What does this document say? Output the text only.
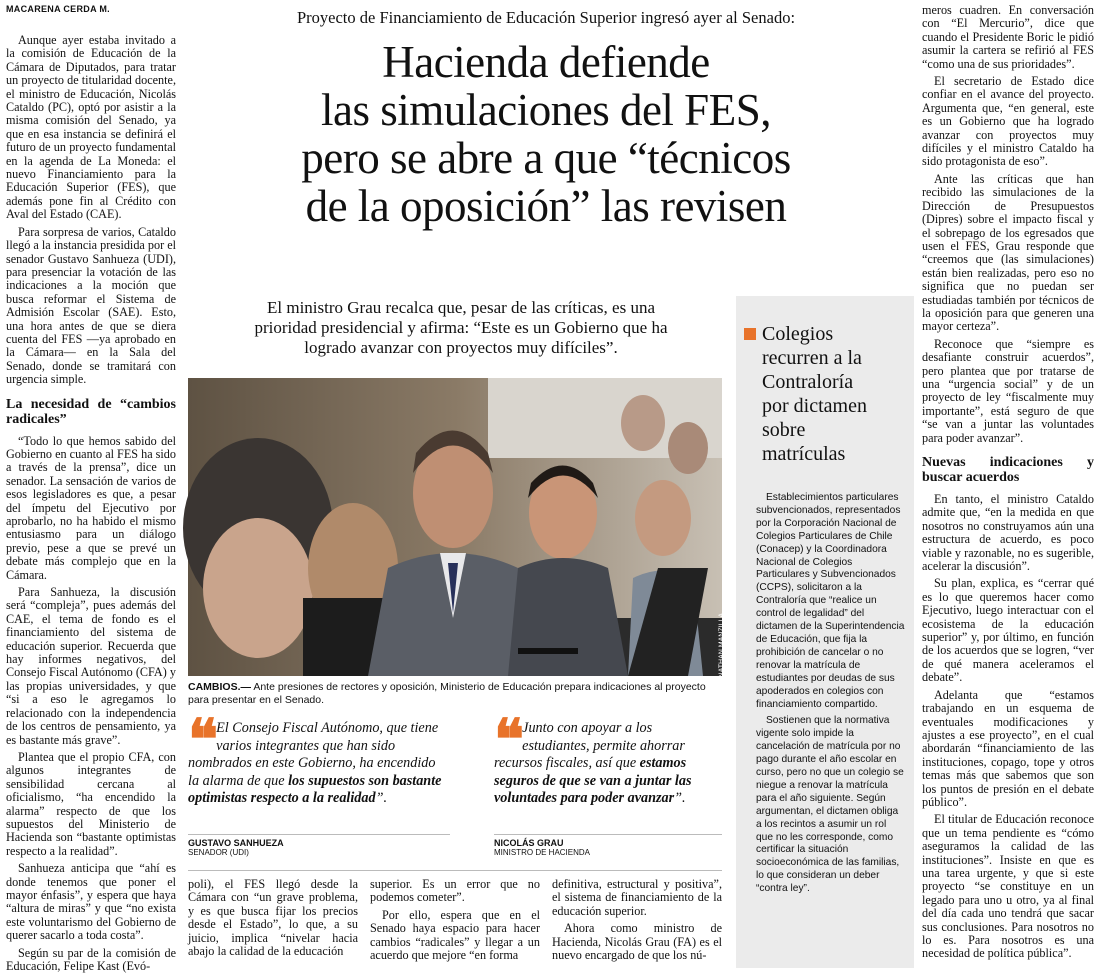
MACARENA CERDA M.

Aunque ayer estaba invitado a la comisión de Educación de la Cámara de Diputados, para tratar un proyecto de titularidad docente, el ministro de Educación, Nicolás Cataldo (PC), optó por asistir a la misma comisión del Senado, ya que en esa instancia se definirá el futuro de un proyecto fundamental en la agenda de La Moneda: el nuevo Financiamiento para la Educación Superior (FES), que además pone fin al Crédito con Aval del Estado (CAE).

Para sorpresa de varios, Cataldo llegó a la instancia presidida por el senador Gustavo Sanhueza (UDI), para presenciar la votación de las indicaciones a la moción que busca reformar el Sistema de Admisión Escolar (SAE). Esto, una hora antes de que se diera cuenta del FES —ya aprobado en la Cámara— en la Sala del Senado, donde se tramitará con urgencia simple.

La necesidad de “cambios radicales”

“Todo lo que hemos sabido del Gobierno en cuanto al FES ha sido a través de la prensa”, dice un senador. La sensación de varios de esos legisladores es que, a pesar del ímpetu del Ejecutivo por aprobarlo, no ha habido el mismo entusiasmo para un diálogo previo, pese a que se prevé un debate más complejo que en la Cámara.

Para Sanhueza, la discusión será “compleja”, pues además del CAE, el tema de fondo es el financiamiento del sistema de educación superior. Recuerda que hay informes negativos, del Consejo Fiscal Autónomo (CFA) y las propias universidades, y que “si a eso le agregamos lo relacionado con la independencia de los centros de pensamiento, ya es bastante más grave”.

Plantea que el propio CFA, con algunos integrantes de sensibilidad cercana al oficialismo, “ha encendido la alarma” respecto de que los supuestos del Ministerio de Hacienda son “bastante optimistas respecto a la realidad”.

Sanhueza anticipa que “ahí es donde tenemos que poner el mayor énfasis”, y espera que haya “altura de miras” y que “no exista este voluntarismo del Gobierno de querer sacarlo a toda costa”.

Según su par de la comisión de Educación, Felipe Kast (Evó-

Proyecto de Financiamiento de Educación Superior ingresó ayer al Senado:
Hacienda defiende
las simulaciones del FES,
pero se abre a que “técnicos
de la oposición” las revisen
El ministro Grau recalca que, pesar de las críticas, es una
prioridad presidencial y afirma: “Este es un Gobierno que ha
logrado avanzar con proyectos muy difíciles”.
JONATHAN MANZILLA
CAMBIOS.— Ante presiones de rectores y oposición, Ministerio de Educación prepara indicaciones al proyecto para presentar en el Senado.
❝ El Consejo Fiscal Autónomo, que tiene varios integrantes que han sido nombrados en este Gobierno, ha encendido la alarma de que los supuestos son bastante optimistas respecto a la realidad”.
GUSTAVO SANHUEZA
SENADOR (UDI)
❝ Junto con apoyar a los estudiantes, permite ahorrar recursos fiscales, así que estamos seguros de que se van a juntar las voluntades para poder avanzar”.
NICOLÁS GRAU
MINISTRO DE HACIENDA

poli), el FES llegó desde la Cámara con “un grave problema, y es que busca fijar los precios desde el Estado”, lo que, a su juicio, implica “nivelar hacia abajo la calidad de la educación

superior. Es un error que no podemos cometer”.

Por ello, espera que en el Senado haya espacio para hacer cambios “radicales” y llegar a un acuerdo que mejore “en forma

definitiva, estructural y positiva”, el sistema de financiamiento de la educación superior.

Ahora como ministro de Hacienda, Nicolás Grau (FA) es el nuevo encargado de que los nú-

Colegios
recurren a la
Contraloría
por dictamen
sobre
matrículas

Establecimientos particulares subvencionados, representados por la Corporación Nacional de Colegios Particulares de Chile (Conacep) y la Coordinadora Nacional de Colegios Particulares y Subvencionados (CCPS), solicitaron a la Contraloría que “realice un control de legalidad” del dictamen de la Superintendencia de Educación, que fija la prohibición de cancelar o no renovar la matrícula de estudiantes por deudas de sus apoderados en colegios con financiamiento compartido.

Sostienen que la normativa vigente solo impide la cancelación de matrícula por no pago durante el año escolar en curso, pero no que un colegio se niegue a renovar la matrícula para el año siguiente. Según argumentan, el dictamen obliga a los recintos a asumir un rol que no les corresponde, como certificar la situación socioeconómica de las familias, lo que consideran un deber “contra ley”.

meros cuadren. En conversación con “El Mercurio”, dice que cuando el Presidente Boric le pidió asumir la cartera se refirió al FES “como una de sus prioridades”.

El secretario de Estado dice confiar en el avance del proyecto. Argumenta que, “en general, este es un Gobierno que ha logrado avanzar con proyectos muy difíciles y el ministro Cataldo ha sido protagonista de eso”.

Ante las críticas que han recibido las simulaciones de la Dirección de Presupuestos (Dipres) sobre el impacto fiscal y el sobrepago de los egresados que usen el FES, Grau responde que “creemos que (las simulaciones) están bien realizadas, pero eso no significa que no puedan ser estudiadas también por técnicos de la oposición para que generen una mayor certeza”.

Reconoce que “siempre es desafiante construir acuerdos”, pero plantea que por tratarse de una “urgencia social” y de un proyecto de ley “fiscalmente muy importante”, está seguro de que “se van a juntar las voluntades para poder avanzar”.

Nuevas indicaciones y buscar acuerdos

En tanto, el ministro Cataldo admite que, “en la medida en que nosotros no construyamos aún una estructura de acuerdo, es poco viable y razonable, no es sugerible, acelerar la discusión”.

Su plan, explica, es “cerrar qué es lo que queremos hacer como Ejecutivo, luego interactuar con el ecosistema de la educación superior” y, por último, en función de los acuerdos que se logren, “ver de qué manera aceleramos el debate”.

Adelanta que “estamos trabajando en un esquema de eventuales modificaciones y ajustes a ese proyecto”, en el cual abordarán “financiamiento de las instituciones, copago, tope y otros temas más que sabemos que son los puntos de presión en el debate público”.

El titular de Educación reconoce que un tema pendiente es “cómo aseguramos la calidad de las instituciones”. Insiste en que es una tarea urgente, y que si este proyecto “se constituye en un legado para uno u otro, ya al final del día cada uno tendrá que sacar sus conclusiones. Para nosotros no lo es. Para nosotros es una necesidad de política pública”.
